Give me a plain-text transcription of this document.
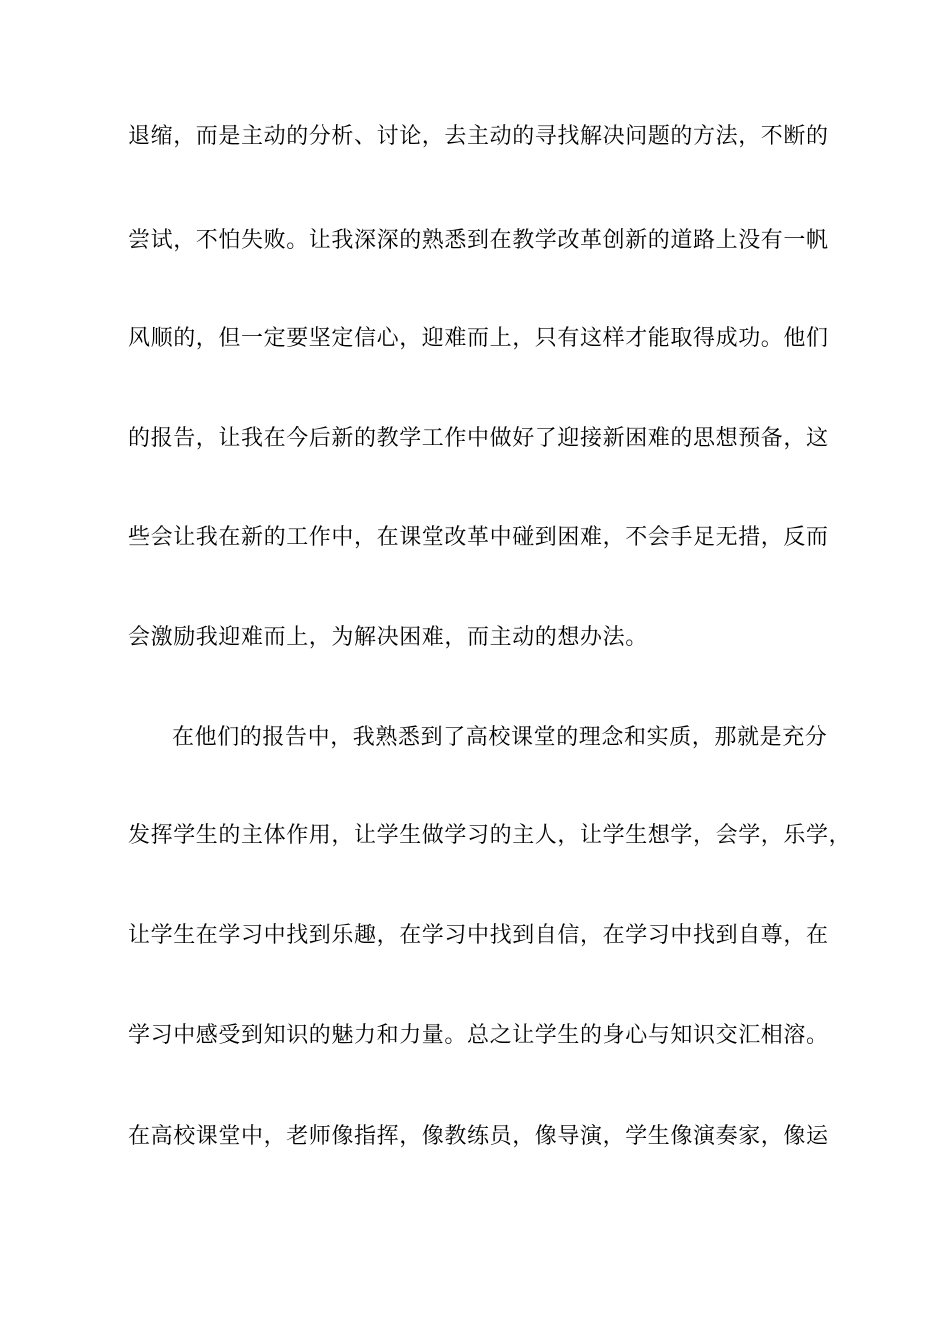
退缩，而是主动的分析、讨论，去主动的寻找解决问题的方法，不断的
尝试，不怕失败。让我深深的熟悉到在教学改革创新的道路上没有一帆
风顺的，但一定要坚定信心，迎难而上，只有这样才能取得成功。他们
的报告，让我在今后新的教学工作中做好了迎接新困难的思想预备，这
些会让我在新的工作中，在课堂改革中碰到困难，不会手足无措，反而
会激励我迎难而上，为解决困难，而主动的想办法。
在他们的报告中，我熟悉到了高校课堂的理念和实质，那就是充分
发挥学生的主体作用，让学生做学习的主人，让学生想学，会学，乐学，
让学生在学习中找到乐趣，在学习中找到自信，在学习中找到自尊，在
学习中感受到知识的魅力和力量。总之让学生的身心与知识交汇相溶。
在高校课堂中，老师像指挥，像教练员，像导演，学生像演奏家，像运
